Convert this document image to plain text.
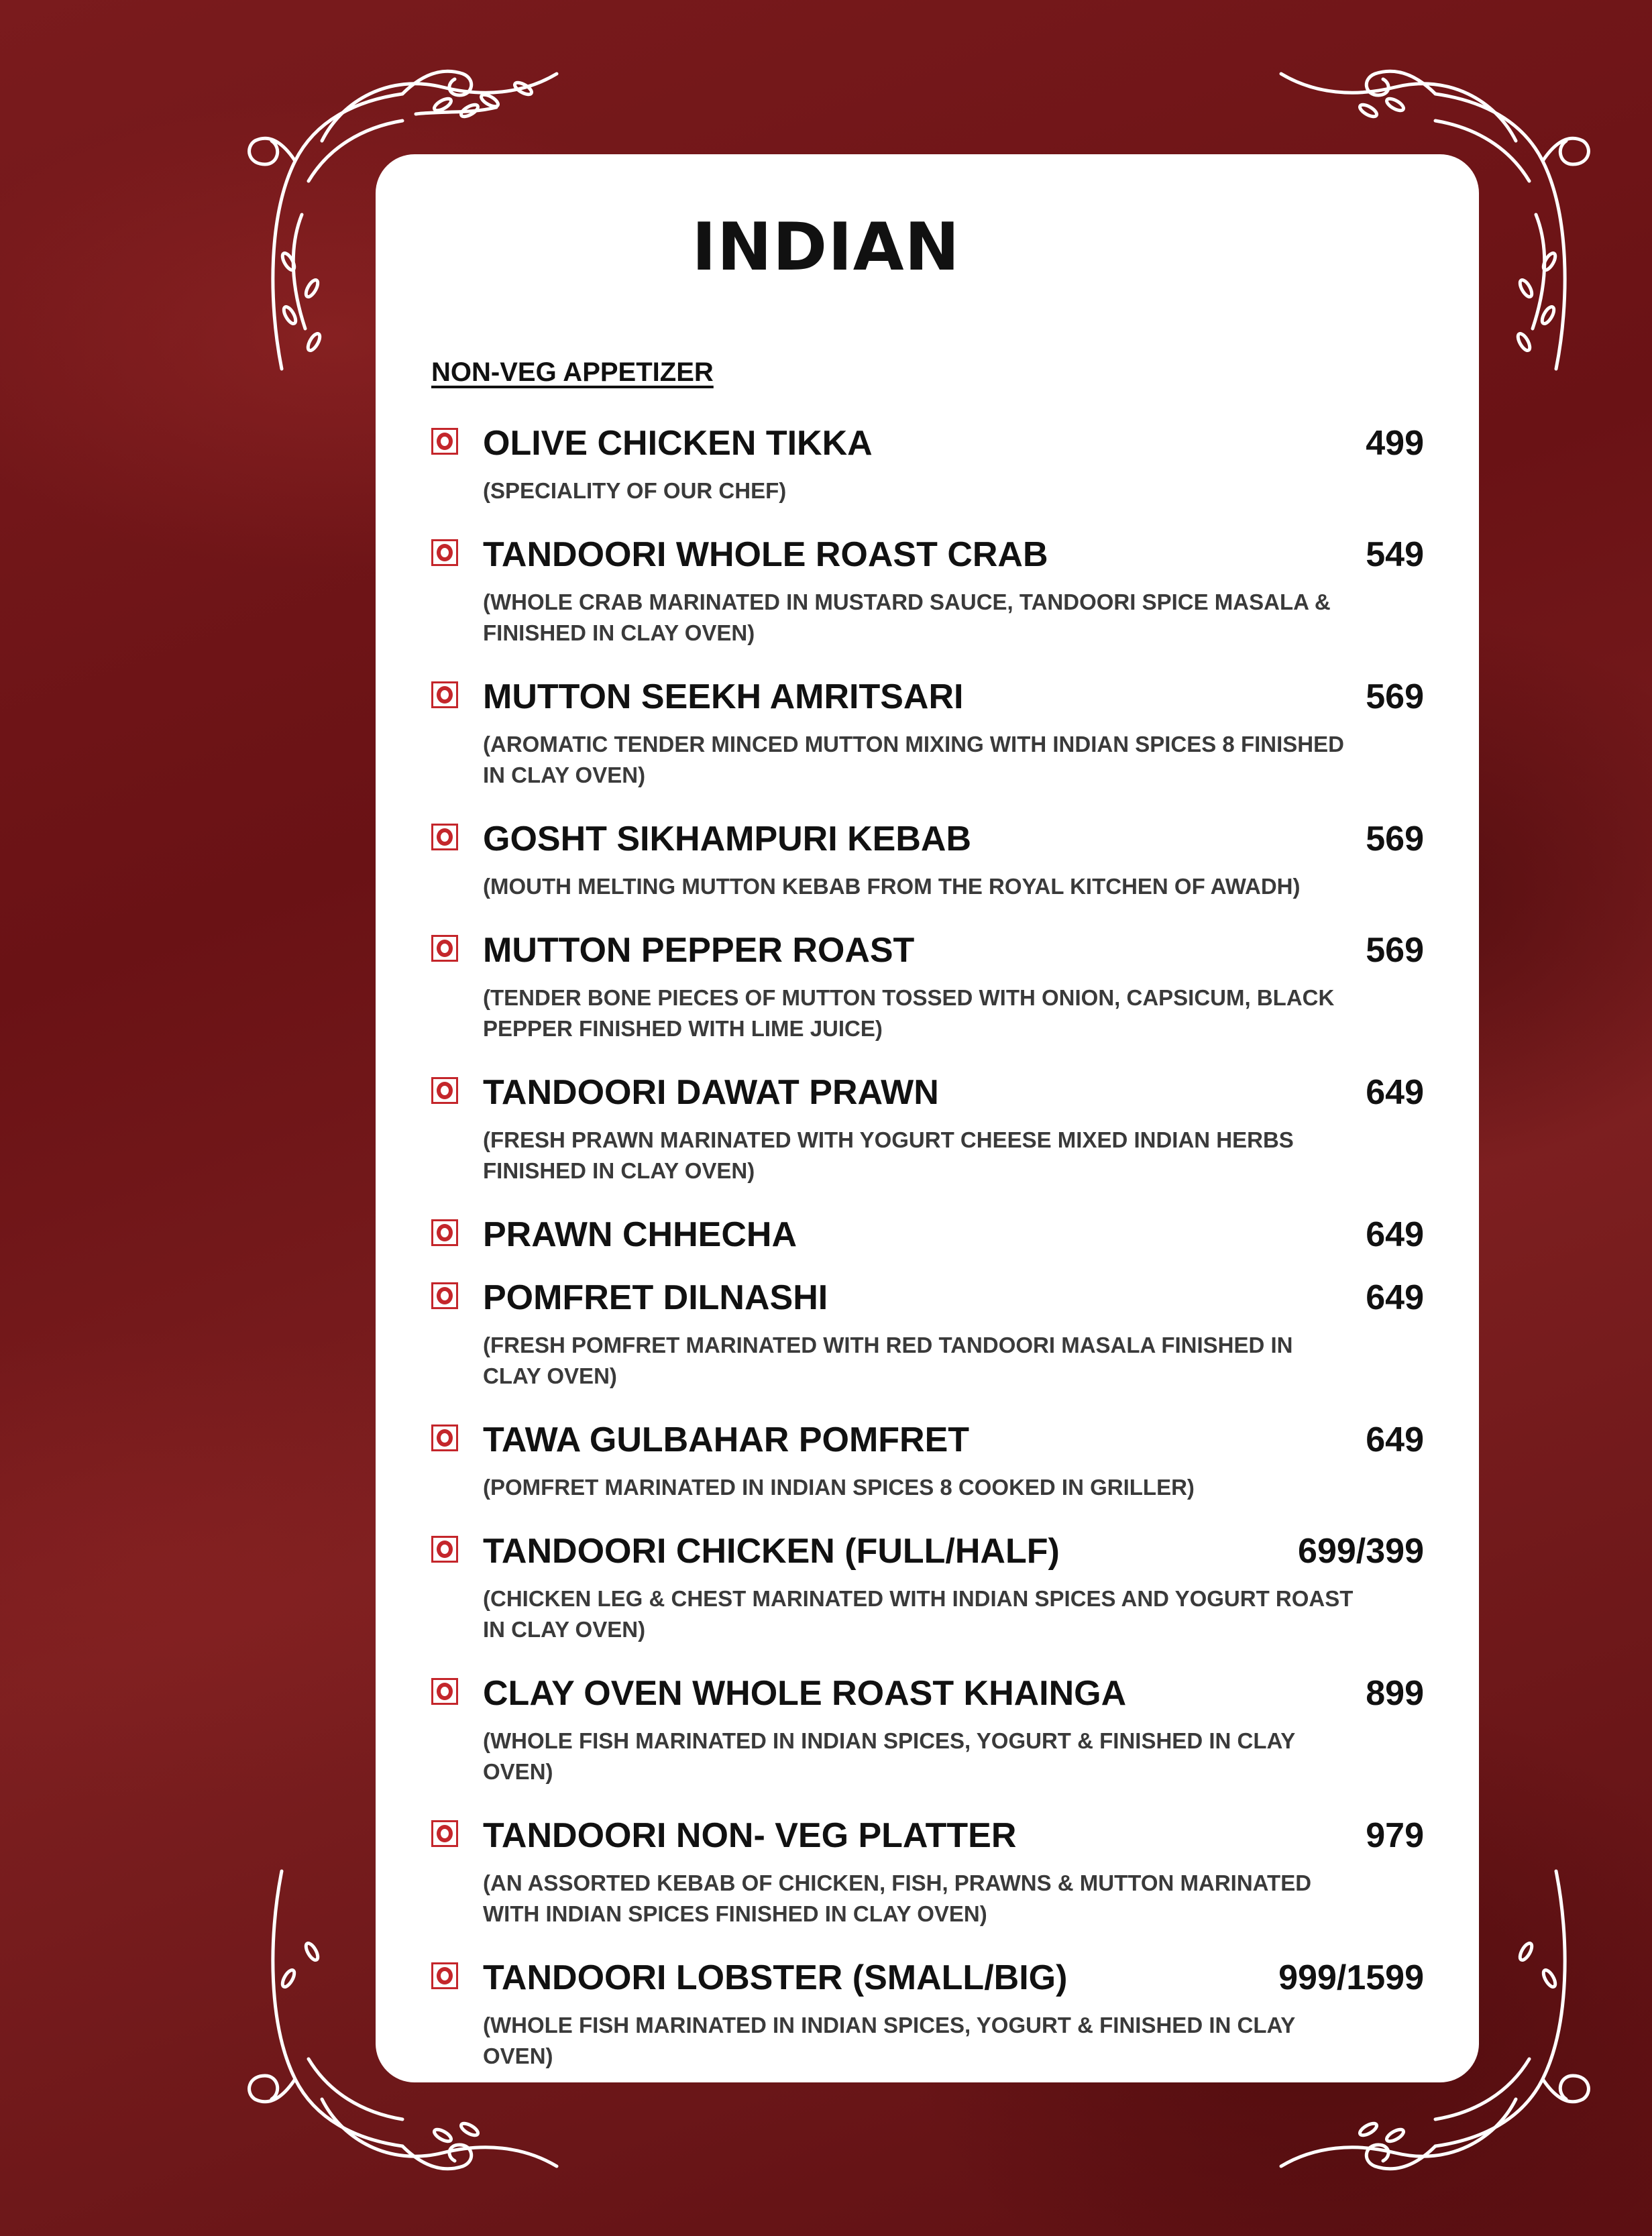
INDIAN
NON-VEG APPETIZER
OLIVE CHICKEN TIKKA	499

(SPECIALITY OF OUR CHEF)

TANDOORI WHOLE ROAST CRAB	549

(WHOLE CRAB MARINATED IN MUSTARD SAUCE, TANDOORI SPICE MASALA & FINISHED IN CLAY OVEN)

MUTTON SEEKH AMRITSARI	569

(AROMATIC TENDER MINCED MUTTON MIXING WITH INDIAN SPICES 8 FINISHED IN CLAY OVEN)

GOSHT SIKHAMPURI KEBAB	569

(MOUTH MELTING MUTTON KEBAB FROM THE ROYAL KITCHEN OF AWADH)

MUTTON PEPPER ROAST	569

(TENDER BONE PIECES OF MUTTON TOSSED WITH ONION, CAPSICUM, BLACK PEPPER FINISHED WITH LIME JUICE)

TANDOORI DAWAT PRAWN	649

(FRESH PRAWN MARINATED WITH YOGURT CHEESE MIXED INDIAN HERBS FINISHED IN CLAY OVEN)

PRAWN CHHECHA	649
POMFRET DILNASHI	649

(FRESH POMFRET MARINATED WITH RED TANDOORI MASALA FINISHED IN CLAY OVEN)

TAWA GULBAHAR POMFRET	649

(POMFRET MARINATED IN INDIAN SPICES 8 COOKED IN GRILLER)

TANDOORI CHICKEN (FULL/HALF)	699/399

(CHICKEN LEG & CHEST MARINATED WITH INDIAN SPICES AND YOGURT ROAST IN CLAY OVEN)

CLAY OVEN WHOLE ROAST KHAINGA	899

(WHOLE FISH MARINATED IN INDIAN SPICES, YOGURT & FINISHED IN CLAY OVEN)

TANDOORI NON- VEG PLATTER	979

(AN ASSORTED KEBAB OF CHICKEN, FISH, PRAWNS & MUTTON MARINATED WITH INDIAN SPICES FINISHED IN CLAY OVEN)

TANDOORI LOBSTER (SMALL/BIG)	999/1599

(WHOLE FISH MARINATED IN INDIAN SPICES, YOGURT & FINISHED IN CLAY OVEN)
